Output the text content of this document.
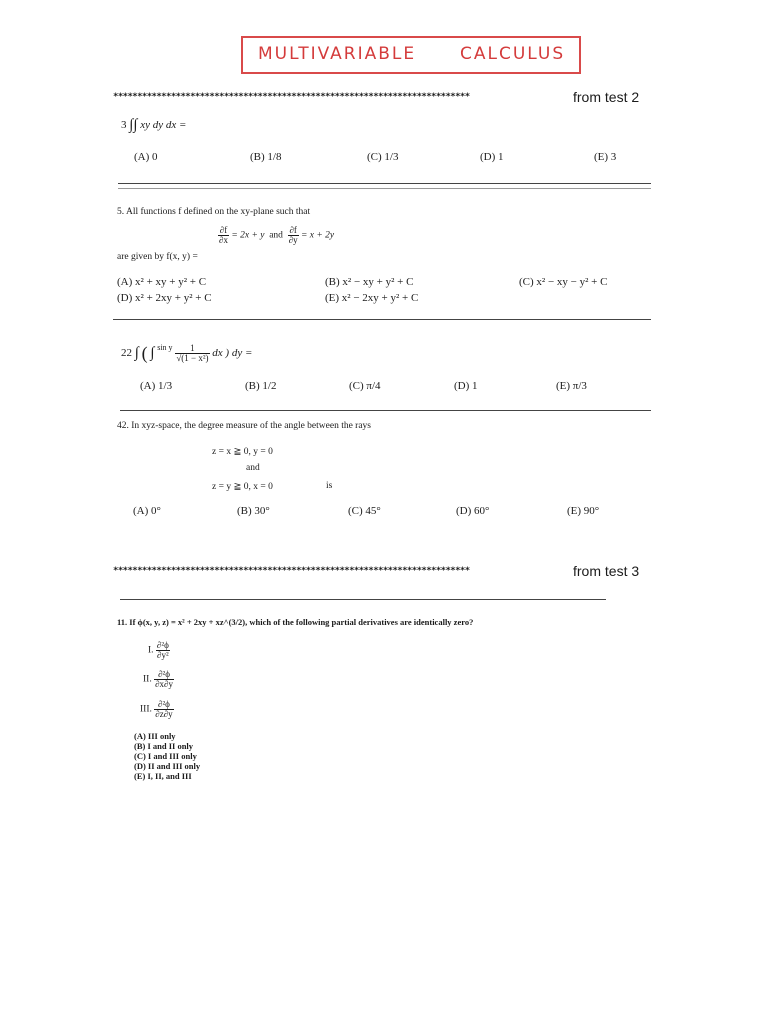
MULTIVARIABLE	CALCULUS
**************************************************************************	from test 2
3 ∫∫ xy dy dx =
(A) 0	(B) 1/8	(C) 1/3	(D) 1	(E) 3
5. All functions f defined on the xy-plane such that
$\frac{\partial f}{\partial x} = 2x + y$ and $\frac{\partial f}{\partial y} = x + 2y$
are given by f(x, y) =
(A) x² + xy + y² + C	(B) x² − xy + y² + C	(C) x² − xy − y² + C
(D) x² + 2xy + y² + C	(E) x² − 2xy + y² + C
22 ∫ ( ∫ $^{sin y} \frac{1}{\text{√(1 − x²)}}$ dx ) dy =
(A) 1/3	(B) 1/2	(C) π/4	(D) 1	(E) π/3
42. In xyz-space, the degree measure of the angle between the rays
z = x ≧ 0, y = 0
and
z = y ≧ 0, x = 0	is
(A) 0°	(B) 30°	(C) 45°	(D) 60°	(E) 90°
**************************************************************************	from test 3
11. If ϕ(x, y, z) = x² + 2xy + xz^(3/2), which of the following partial derivatives are identically zero?
I. $\frac{\text{∂²ϕ}}{\text{∂y²}}$
II. $\frac{\text{∂²ϕ}}{\partial x\partial y}$
III. $\frac{\text{∂²ϕ}}{\partial z\partial y}$
(A) III only
(B) I and II only
(C) I and III only
(D) II and III only
(E) I, II, and III
